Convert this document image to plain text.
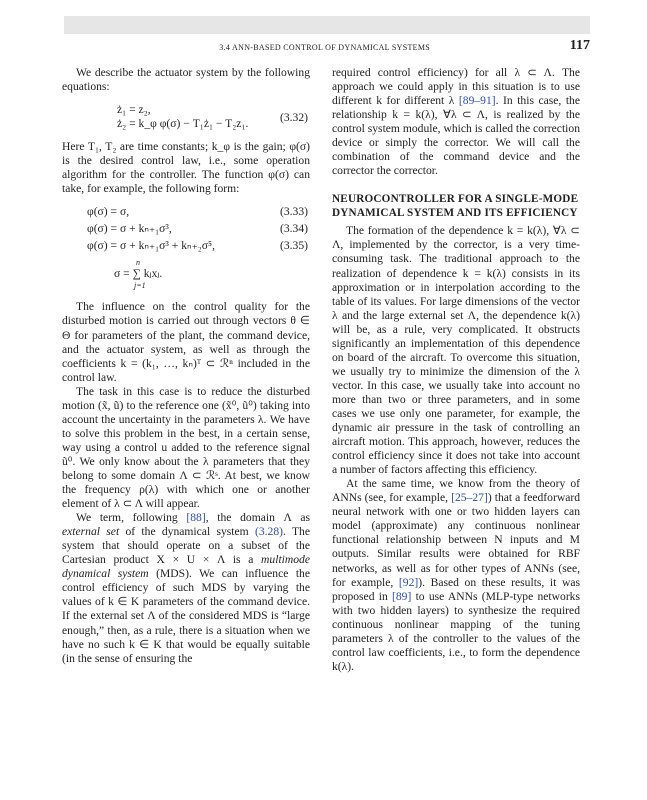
3.4 ANN-BASED CONTROL OF DYNAMICAL SYSTEMS	117

We describe the actuator system by the following equations:

ż₁ = z₂,
ż₂ = k_φ φ(σ) − T₁ż₁ − T₂z₁.	(3.32)

Here T₁, T₂ are time constants; k_φ is the gain; φ(σ) is the desired control law, i.e., some operation algorithm for the controller. The function φ(σ) can take, for example, the following form:

φ(σ) = σ,	(3.33)
φ(σ) = σ + kₙ₊₁σ³,	(3.34)
φ(σ) = σ + kₙ₊₁σ³ + kₙ₊₂σ⁵,	(3.35)
n
σ = ∑ kⱼxⱼ.
j=1

The influence on the control quality for the disturbed motion is carried out through vectors θ ∈ Θ for parameters of the plant, the command device, and the actuator system, as well as through the coefficients k = (k₁, …, kₙ)ᵀ ⊂ ℛⁿ included in the control law.

The task in this case is to reduce the disturbed motion (x̃, ũ) to the reference one (x̃⁰, ũ⁰) taking into account the uncertainty in the parameters λ. We have to solve this problem in the best, in a certain sense, way using a control u added to the reference signal ũ⁰. We only know about the λ parameters that they belong to some domain Λ ⊂ ℛˢ. At best, we know the frequency ρ(λ) with which one or another element of λ ⊂ Λ will appear.

We term, following [88], the domain Λ as external set of the dynamical system (3.28). The system that should operate on a subset of the Cartesian product X × U × Λ is a multimode dynamical system (MDS). We can influence the control efficiency of such MDS by varying the values of k ∈ K parameters of the command device. If the external set Λ of the considered MDS is “large enough,” then, as a rule, there is a situation when we have no such k ∈ K that would be equally suitable (in the sense of ensuring the

required control efficiency) for all λ ⊂ Λ. The approach we could apply in this situation is to use different k for different λ [89–91]. In this case, the relationship k = k(λ), ∀λ ⊂ Λ, is realized by the control system module, which is called the correction device or simply the corrector. We will call the combination of the command device and the corrector the corrector.

NEUROCONTROLLER FOR A SINGLE-MODE DYNAMICAL SYSTEM AND ITS EFFICIENCY

The formation of the dependence k = k(λ), ∀λ ⊂ Λ, implemented by the corrector, is a very time-consuming task. The traditional approach to the realization of dependence k = k(λ) consists in its approximation or in interpolation according to the table of its values. For large dimensions of the vector λ and the large external set Λ, the dependence k(λ) will be, as a rule, very complicated. It obstructs significantly an implementation of this dependence on board of the aircraft. To overcome this situation, we usually try to minimize the dimension of the λ vector. In this case, we usually take into account no more than two or three parameters, and in some cases we use only one parameter, for example, the dynamic air pressure in the task of controlling an aircraft motion. This approach, however, reduces the control efficiency since it does not take into account a number of factors affecting this efficiency.

At the same time, we know from the theory of ANNs (see, for example, [25–27]) that a feedforward neural network with one or two hidden layers can model (approximate) any continuous nonlinear functional relationship between N inputs and M outputs. Similar results were obtained for RBF networks, as well as for other types of ANNs (see, for example, [92]). Based on these results, it was proposed in [89] to use ANNs (MLP-type networks with two hidden layers) to synthesize the required continuous nonlinear mapping of the tuning parameters λ of the controller to the values of the control law coefficients, i.e., to form the dependence k(λ).
